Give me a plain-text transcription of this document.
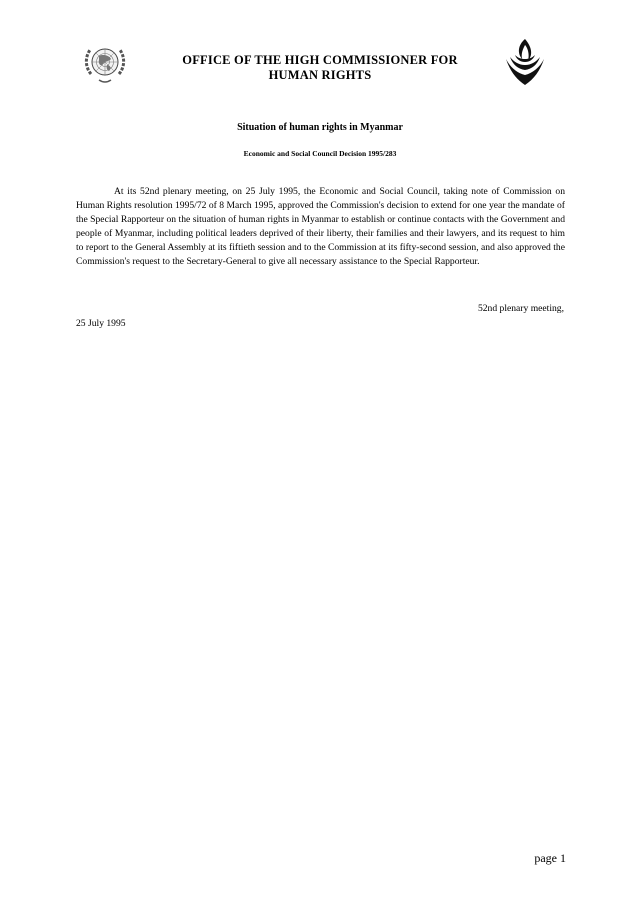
OFFICE OF THE HIGH COMMISSIONER FOR
HUMAN RIGHTS
Situation of human rights in Myanmar
Economic and Social Council Decision 1995/283

At its 52nd plenary meeting, on 25 July 1995, the Economic and Social Council, taking note of Commission on Human Rights resolution 1995/72 of 8 March 1995, approved the Commission's decision to extend for one year the mandate of the Special Rapporteur on the situation of human rights in Myanmar to establish or continue contacts with the Government and people of Myanmar, including political leaders deprived of their liberty, their families and their lawyers, and its request to him to report to the General Assembly at its fiftieth session and to the Commission at its fifty-second session, and also approved the Commission's request to the Secretary-General to give all necessary assistance to the Special Rapporteur.

52nd plenary meeting,
25 July 1995
page 1
